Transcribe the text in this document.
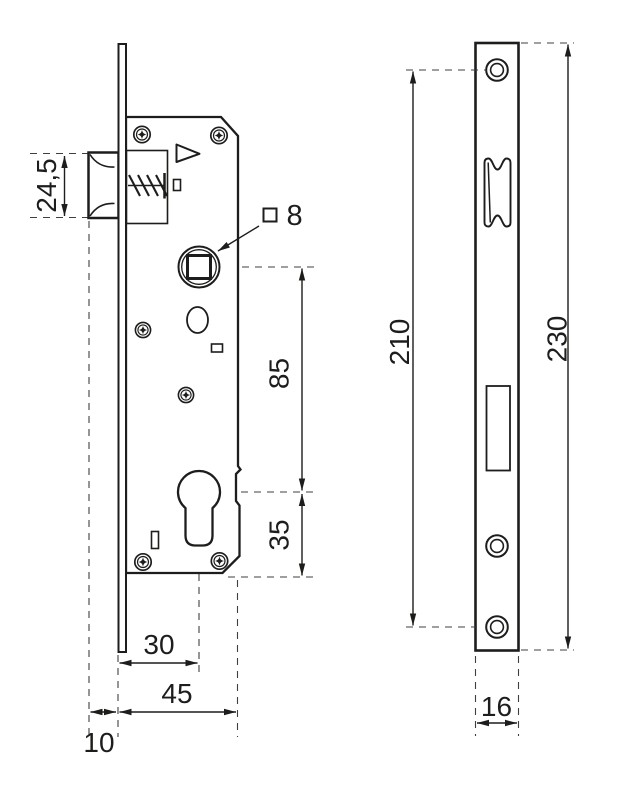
24,5
8
85
35
30
45
10
210	230
16
